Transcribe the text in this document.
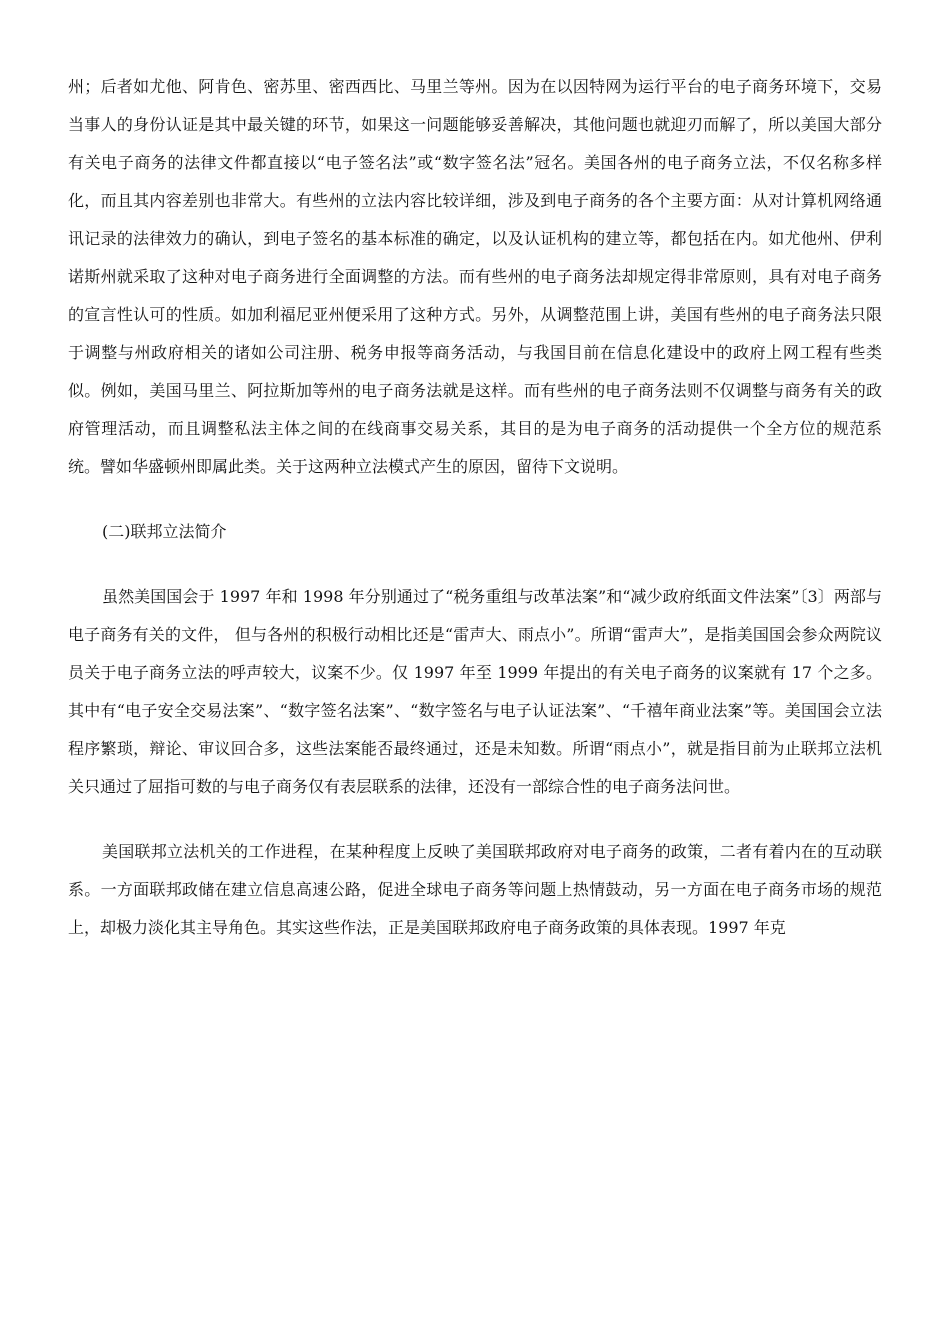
州；后者如尤他、阿肯色、密苏里、密西西比、马里兰等州。因为在以因特网为运行平台的电子商务环境下，交易当事人的身份认证是其中最关键的环节，如果这一问题能够妥善解决，其他问题也就迎刃而解了，所以美国大部分有关电子商务的法律文件都直接以“电子签名法”或“数字签名法”冠名。美国各州的电子商务立法，不仅名称多样化，而且其内容差别也非常大。有些州的立法内容比较详细，涉及到电子商务的各个主要方面：从对计算机网络通讯记录的法律效力的确认，到电子签名的基本标准的确定，以及认证机构的建立等，都包括在内。如尤他州、伊利诺斯州就采取了这种对电子商务进行全面调整的方法。而有些州的电子商务法却规定得非常原则，具有对电子商务的宣言性认可的性质。如加利福尼亚州便采用了这种方式。另外，从调整范围上讲，美国有些州的电子商务法只限于调整与州政府相关的诸如公司注册、税务申报等商务活动，与我国目前在信息化建设中的政府上网工程有些类似。例如，美国马里兰、阿拉斯加等州的电子商务法就是这样。而有些州的电子商务法则不仅调整与商务有关的政府管理活动，而且调整私法主体之间的在线商事交易关系，其目的是为电子商务的活动提供一个全方位的规范系统。譬如华盛顿州即属此类。关于这两种立法模式产生的原因，留待下文说明。

(二)联邦立法简介

虽然美国国会于 1997 年和 1998 年分别通过了“税务重组与改革法案”和“减少政府纸面文件法案”〔3〕两部与电子商务有关的文件， 但与各州的积极行动相比还是“雷声大、雨点小”。所谓“雷声大”，是指美国国会参众两院议员关于电子商务立法的呼声较大，议案不少。仅 1997 年至 1999 年提出的有关电子商务的议案就有 17 个之多。其中有“电子安全交易法案”、“数字签名法案”、“数字签名与电子认证法案”、“千禧年商业法案”等。美国国会立法程序繁琐，辩论、审议回合多，这些法案能否最终通过，还是未知数。所谓“雨点小”，就是指目前为止联邦立法机关只通过了屈指可数的与电子商务仅有表层联系的法律，还没有一部综合性的电子商务法问世。

美国联邦立法机关的工作进程，在某种程度上反映了美国联邦政府对电子商务的政策，二者有着内在的互动联系。一方面联邦政储在建立信息高速公路，促进全球电子商务等问题上热情鼓动，另一方面在电子商务市场的规范上，却极力淡化其主导角色。其实这些作法，正是美国联邦政府电子商务政策的具体表现。1997 年克
